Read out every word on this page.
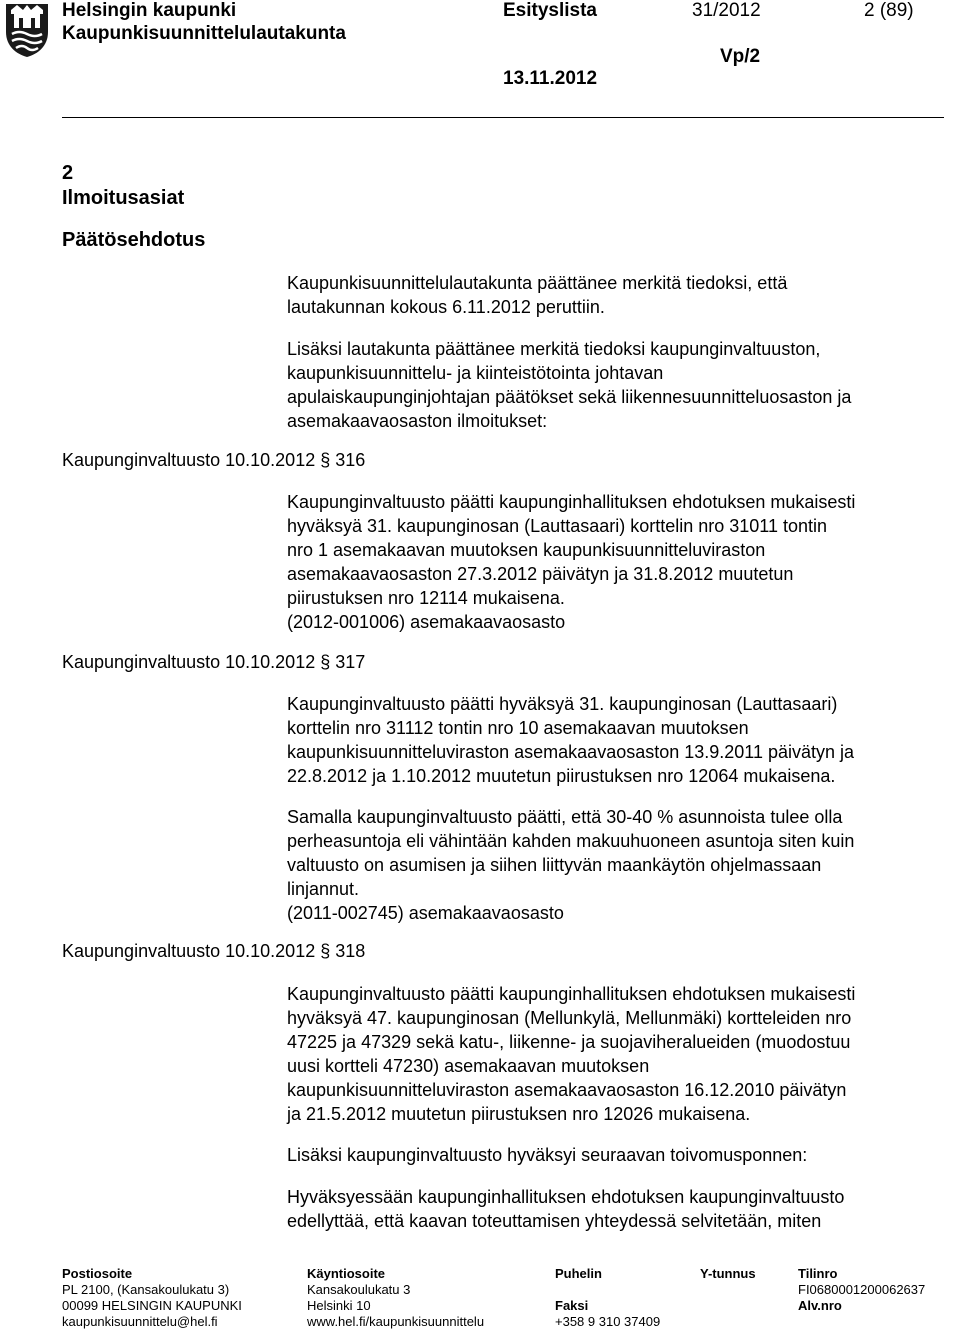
Helsingin kaupunki
Kaupunkisuunnittelulautakunta
Esityslista	31/2012	2 (89)
Vp/2
13.11.2012
2
Ilmoitusasiat
Päätösehdotus
Kaupunginvaltuusto 10.10.2012 § 316
Kaupunginvaltuusto 10.10.2012 § 317
Kaupunginvaltuusto 10.10.2012 § 318
Kaupunkisuunnittelulautakunta päättänee merkitä tiedoksi, että
lautakunnan kokous 6.11.2012 peruttiin.
Lisäksi lautakunta päättänee merkitä tiedoksi kaupunginvaltuuston,
kaupunkisuunnittelu- ja kiinteistötointa johtavan
apulaiskaupunginjohtajan päätökset sekä liikennesuunnitteluosaston ja
asemakaavaosaston ilmoitukset:
Kaupunginvaltuusto päätti kaupunginhallituksen ehdotuksen mukaisesti
hyväksyä 31. kaupunginosan (Lauttasaari) korttelin nro 31011 tontin
nro 1 asemakaavan muutoksen kaupunkisuunnitteluviraston
asemakaavaosaston 27.3.2012 päivätyn ja 31.8.2012 muutetun
piirustuksen nro 12114 mukaisena.
(2012-001006) asemakaavaosasto
Kaupunginvaltuusto päätti hyväksyä 31. kaupunginosan (Lauttasaari)
korttelin nro 31112 tontin nro 10 asemakaavan muutoksen
kaupunkisuunnitteluviraston asemakaavaosaston 13.9.2011 päivätyn ja
22.8.2012 ja 1.10.2012 muutetun piirustuksen nro 12064 mukaisena.
Samalla kaupunginvaltuusto päätti, että 30-40 % asunnoista tulee olla
perheasuntoja eli vähintään kahden makuuhuoneen asuntoja siten kuin
valtuusto on asumisen ja siihen liittyvän maankäytön ohjelmassaan
linjannut.
(2011-002745) asemakaavaosasto
Kaupunginvaltuusto päätti kaupunginhallituksen ehdotuksen mukaisesti
hyväksyä 47. kaupunginosan (Mellunkylä, Mellunmäki) kortteleiden nro
47225 ja 47329 sekä katu-, liikenne- ja suojaviheralueiden (muodostuu
uusi kortteli 47230) asemakaavan muutoksen
kaupunkisuunnitteluviraston asemakaavaosaston 16.12.2010 päivätyn
ja 21.5.2012 muutetun piirustuksen nro 12026 mukaisena.
Lisäksi kaupunginvaltuusto hyväksyi seuraavan toivomusponnen:
Hyväksyessään kaupunginhallituksen ehdotuksen kaupunginvaltuusto
edellyttää, että kaavan toteuttamisen yhteydessä selvitetään, miten
Postiosoite
PL 2100, (Kansakoulukatu 3)
00099 HELSINGIN KAUPUNKI
kaupunkisuunnittelu@hel.fi
Käyntiosoite
Kansakoulukatu 3
Helsinki 10
www.hel.fi/kaupunkisuunnittelu
Puhelin
Faksi
+358 9 310 37409
Y-tunnus	Tilinro
FI0680001200062637
Alv.nro
